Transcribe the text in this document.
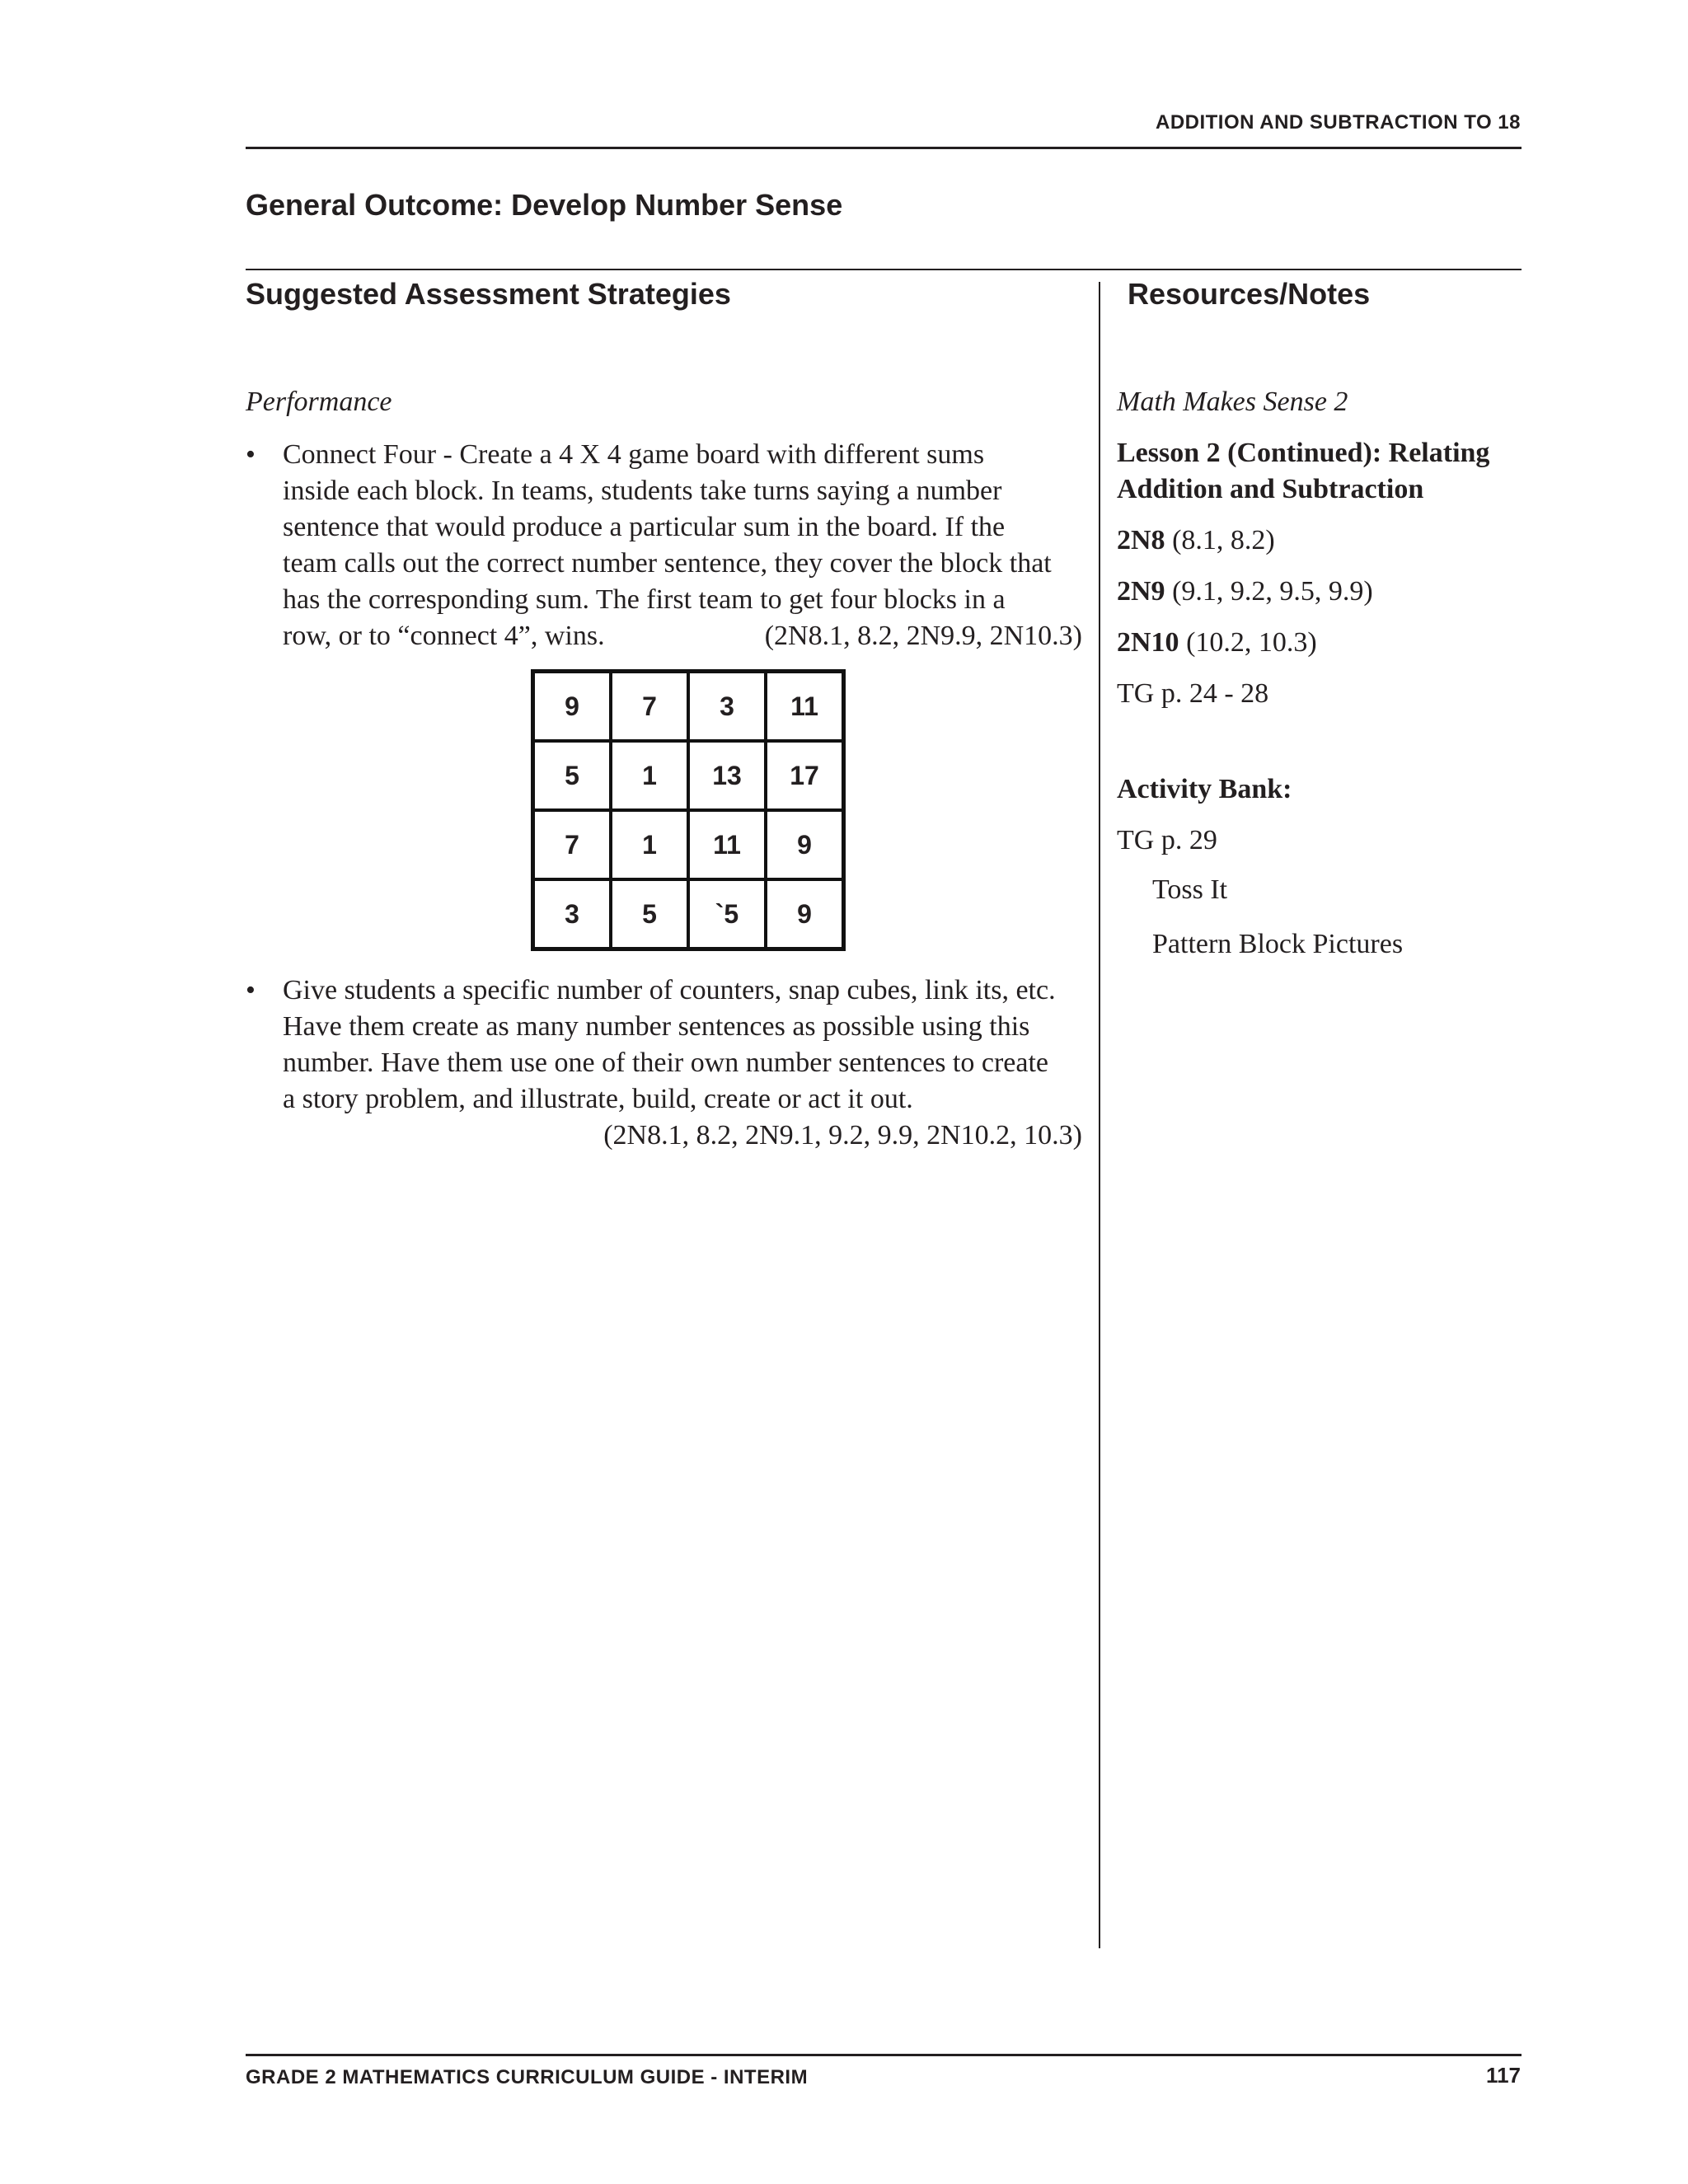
ADDITION AND SUBTRACTION TO 18
General Outcome: Develop Number Sense
Suggested Assessment Strategies	Resources/Notes

Performance

• Connect Four - Create a 4 X 4 game board with different sums

inside each block. In teams, students take turns saying a number

sentence that would produce a particular sum in the board. If the

team calls out the correct number sentence, they cover the block that

has the corresponding sum. The first team to get four blocks in a

row, or to “connect 4”, wins.	(2N8.1, 8.2, 2N9.9, 2N10.3)

9	7	3	11
5	1	13	17
7	1	11	9
3	5	`5	9
• Give students a specific number of counters, snap cubes, link its, etc.

Have them create as many number sentences as possible using this

number. Have them use one of their own number sentences to create

a story problem, and illustrate, build, create or act it out.

(2N8.1, 8.2, 2N9.1, 9.2, 9.9, 2N10.2, 10.3)

Math Makes Sense 2

Lesson 2 (Continued): Relating
Addition and Subtraction

2N8 (8.1, 8.2)

2N9 (9.1, 9.2, 9.5, 9.9)

2N10 (10.2, 10.3)

TG p. 24 - 28

Activity Bank:

TG p. 29

Toss It

Pattern Block Pictures

GRADE 2 MATHEMATICS CURRICULUM GUIDE - INTERIM	117
